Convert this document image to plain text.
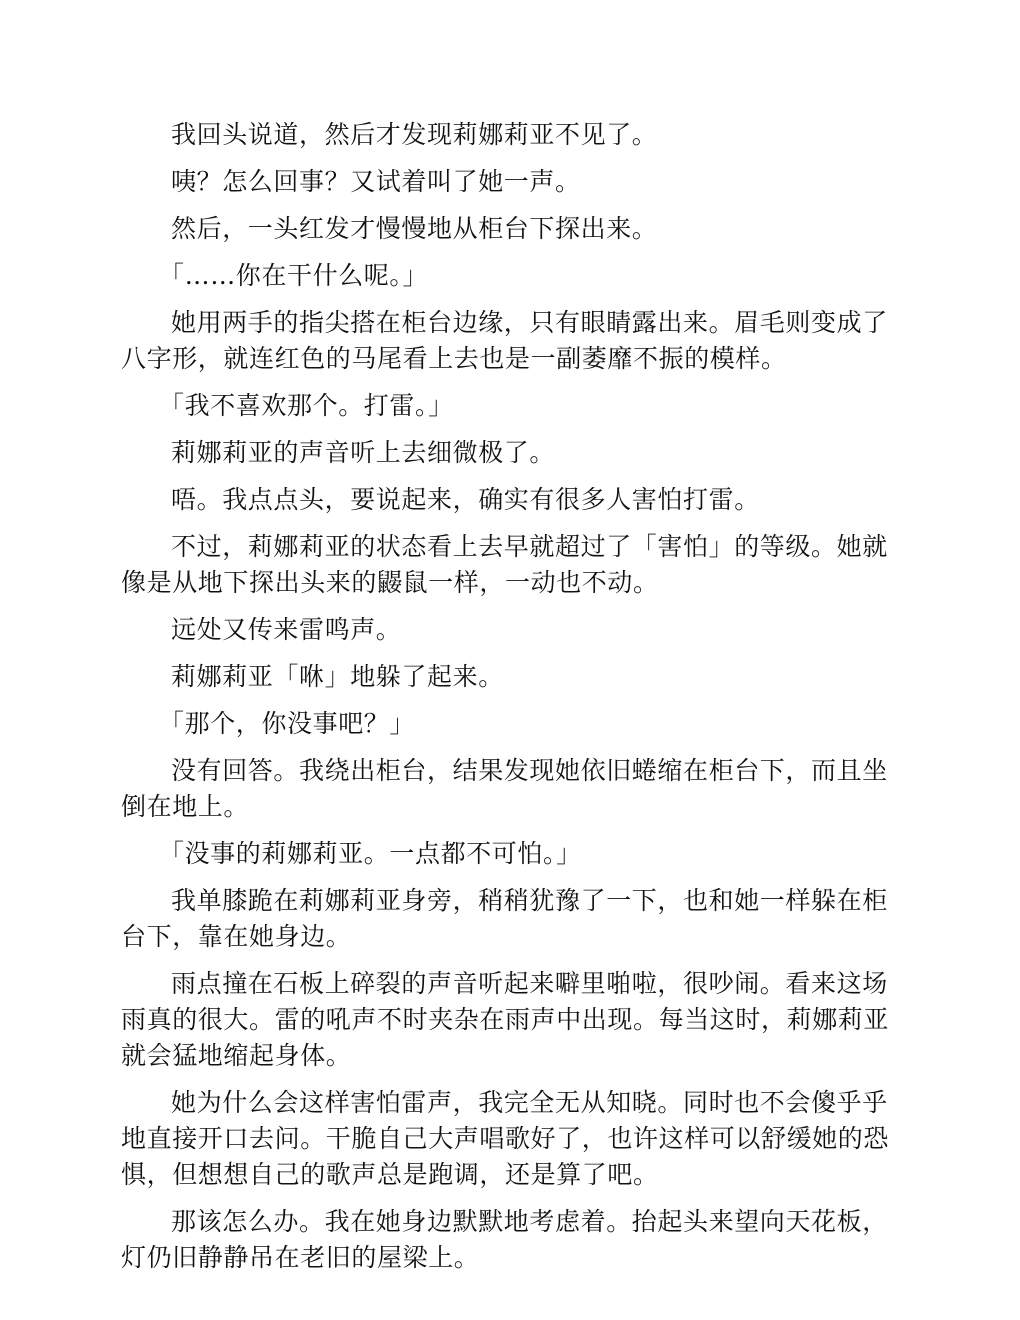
我回头说道，然后才发现莉娜莉亚不见了。

咦？怎么回事？又试着叫了她一声。

然后，一头红发才慢慢地从柜台下探出来。

「……你在干什么呢。」

她用两手的指尖搭在柜台边缘，只有眼睛露出来。眉毛则变成了八字形，就连红色的马尾看上去也是一副萎靡不振的模样。

「我不喜欢那个。打雷。」

莉娜莉亚的声音听上去细微极了。

唔。我点点头，要说起来，确实有很多人害怕打雷。

不过，莉娜莉亚的状态看上去早就超过了「害怕」的等级。她就像是从地下探出头来的鼹鼠一样，一动也不动。

远处又传来雷鸣声。

莉娜莉亚「咻」地躲了起来。

「那个，你没事吧？」

没有回答。我绕出柜台，结果发现她依旧蜷缩在柜台下，而且坐倒在地上。

「没事的莉娜莉亚。一点都不可怕。」

我单膝跪在莉娜莉亚身旁，稍稍犹豫了一下，也和她一样躲在柜台下，靠在她身边。

雨点撞在石板上碎裂的声音听起来噼里啪啦，很吵闹。看来这场雨真的很大。雷的吼声不时夹杂在雨声中出现。每当这时，莉娜莉亚就会猛地缩起身体。

她为什么会这样害怕雷声，我完全无从知晓。同时也不会傻乎乎地直接开口去问。干脆自己大声唱歌好了，也许这样可以舒缓她的恐惧，但想想自己的歌声总是跑调，还是算了吧。

那该怎么办。我在她身边默默地考虑着。抬起头来望向天花板，灯仍旧静静吊在老旧的屋梁上。
